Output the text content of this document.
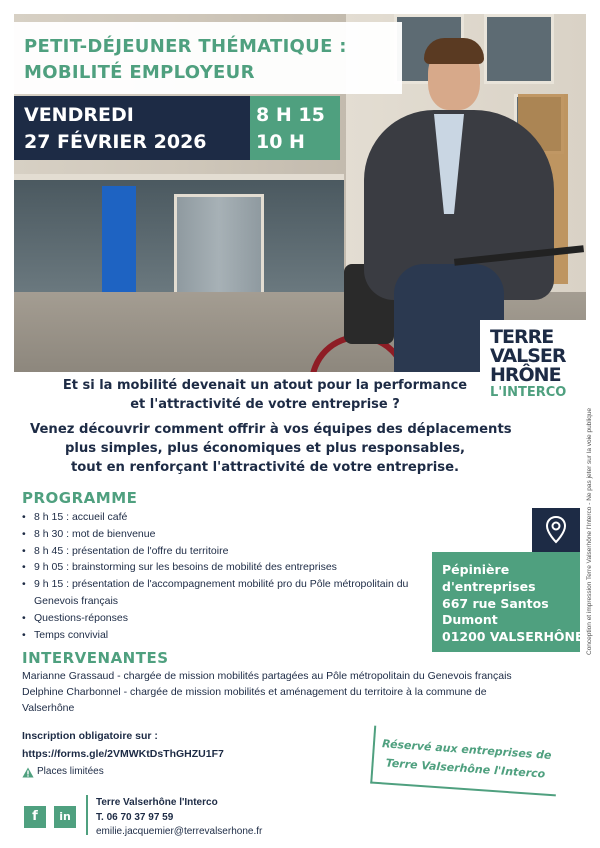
PETIT-DÉJEUNER THÉMATIQUE :
MOBILITÉ EMPLOYEUR
VENDREDI
27 FÉVRIER 2026
8 H 15
10 H
TERRE
VALSER
HRÔNE
L'INTERCO
Conception et impression Terre Valserhône l'Interco - Ne pas jeter sur la voie publique
Et si la mobilité devenait un atout pour la performance
et l'attractivité de votre entreprise ?
Venez découvrir comment offrir à vos équipes des déplacements
plus simples, plus économiques et plus responsables,
tout en renforçant l'attractivité de votre entreprise.
PROGRAMME
• 8 h 15 : accueil café
• 8 h 30 : mot de bienvenue
• 8 h 45 : présentation de l'offre du territoire
• 9 h 05 : brainstorming sur les besoins de mobilité des entreprises
• 9 h 15 : présentation de l'accompagnement mobilité pro du Pôle métropolitain du Genevois français
• Questions-réponses
• Temps convivial
Pépinière
d'entreprises
667 rue Santos
Dumont
01200 VALSERHÔNE
INTERVENANTES
Marianne Grassaud - chargée de mission mobilités partagées au Pôle métropolitain du Genevois français
Delphine Charbonnel - chargée de mission mobilités et aménagement du territoire à la commune de
Valserhône
Inscription obligatoire sur :
https://forms.gle/2VMWKtDsThGHZU1F7
Places limitées
Réservé aux entreprises de
Terre Valserhône l'Interco
f	in
Terre Valserhône l'Interco
T. 06 70 37 97 59
emilie.jacquemier@terrevalserhone.fr
